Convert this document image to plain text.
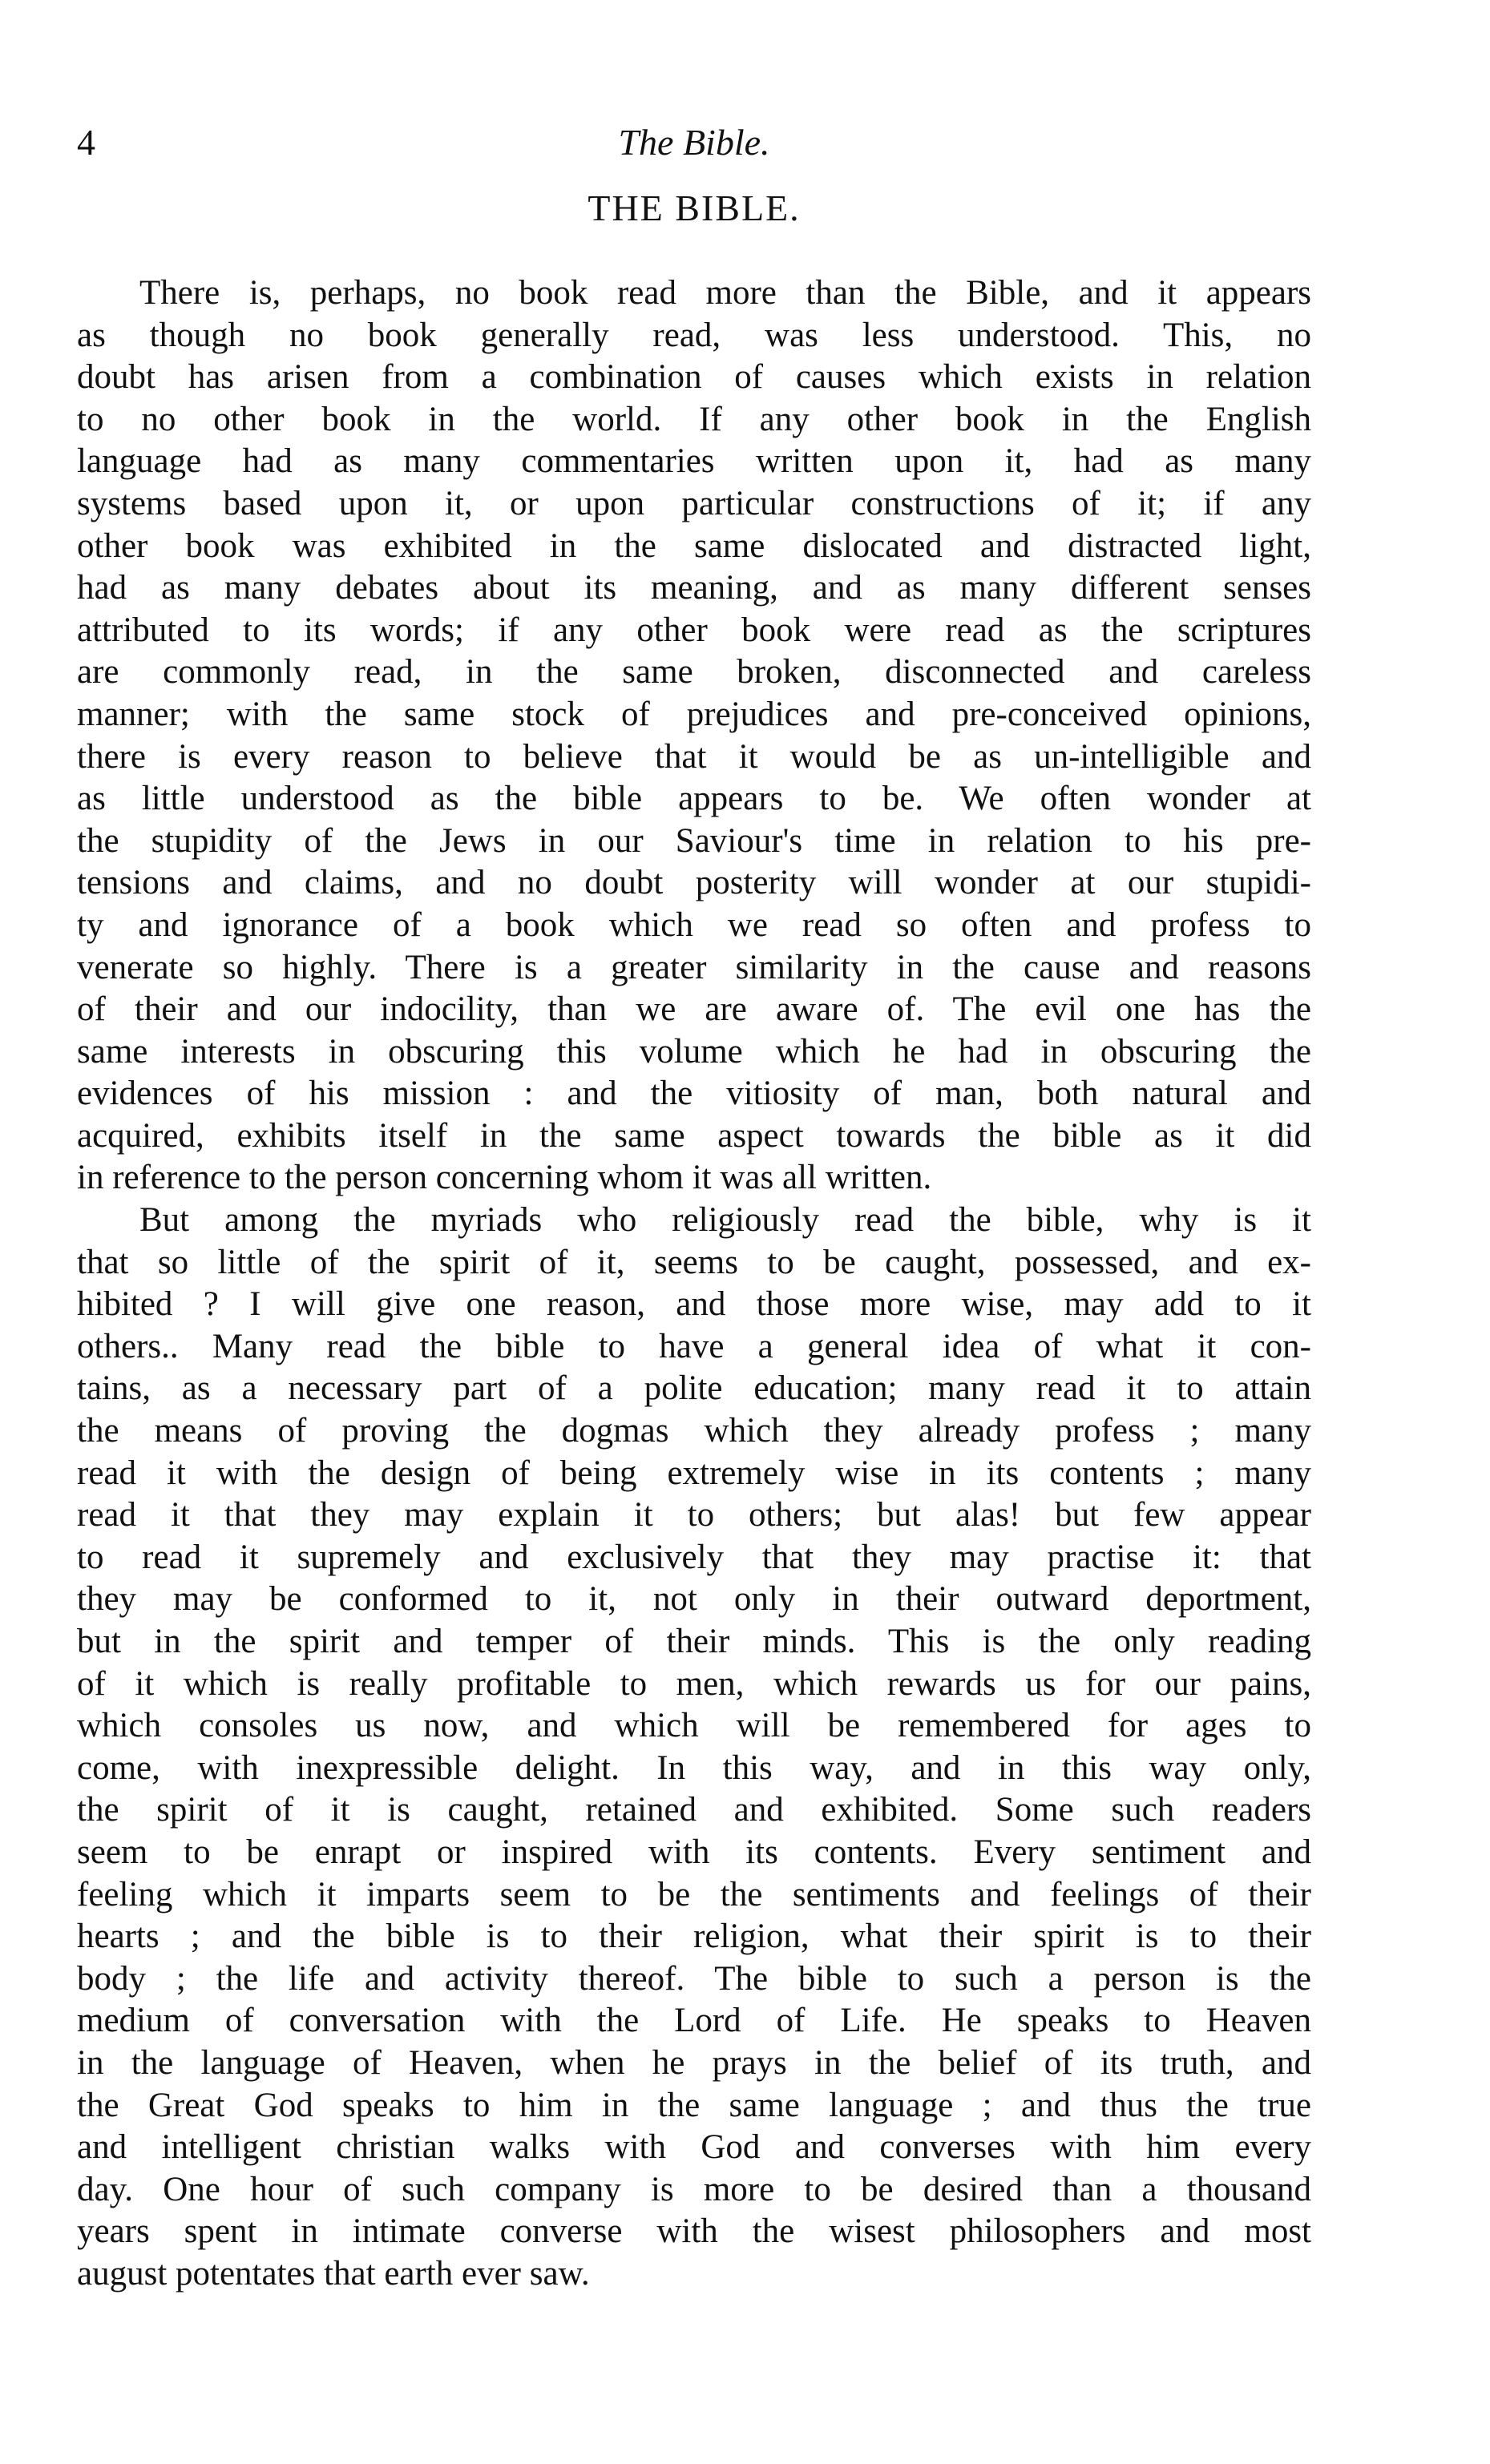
4	The Bible.
THE BIBLE.
There is, perhaps, no book read more than the Bible, and it appears
as though no book generally read, was less understood. This, no
doubt has arisen from a combination of causes which exists in relation
to no other book in the world. If any other book in the English
language had as many commentaries written upon it, had as many
systems based upon it, or upon particular constructions of it; if any
other book was exhibited in the same dislocated and distracted light,
had as many debates about its meaning, and as many different senses
attributed to its words; if any other book were read as the scriptures
are commonly read, in the same broken, disconnected and careless
manner; with the same stock of prejudices and pre-conceived opinions,
there is every reason to believe that it would be as un-intelligible and
as little understood as the bible appears to be. We often wonder at
the stupidity of the Jews in our Saviour's time in relation to his pre-
tensions and claims, and no doubt posterity will wonder at our stupidi-
ty and ignorance of a book which we read so often and profess to
venerate so highly. There is a greater similarity in the cause and reasons
of their and our indocility, than we are aware of. The evil one has the
same interests in obscuring this volume which he had in obscuring the
evidences of his mission : and the vitiosity of man, both natural and
acquired, exhibits itself in the same aspect towards the bible as it did
in reference to the person concerning whom it was all written.
But among the myriads who religiously read the bible, why is it
that so little of the spirit of it, seems to be caught, possessed, and ex-
hibited ? I will give one reason, and those more wise, may add to it
others.. Many read the bible to have a general idea of what it con-
tains, as a necessary part of a polite education; many read it to attain
the means of proving the dogmas which they already profess ; many
read it with the design of being extremely wise in its contents ; many
read it that they may explain it to others; but alas! but few appear
to read it supremely and exclusively that they may practise it: that
they may be conformed to it, not only in their outward deportment,
but in the spirit and temper of their minds. This is the only reading
of it which is really profitable to men, which rewards us for our pains,
which consoles us now, and which will be remembered for ages to
come, with inexpressible delight. In this way, and in this way only,
the spirit of it is caught, retained and exhibited. Some such readers
seem to be enrapt or inspired with its contents. Every sentiment and
feeling which it imparts seem to be the sentiments and feelings of their
hearts ; and the bible is to their religion, what their spirit is to their
body ; the life and activity thereof. The bible to such a person is the
medium of conversation with the Lord of Life. He speaks to Heaven
in the language of Heaven, when he prays in the belief of its truth, and
the Great God speaks to him in the same language ; and thus the true
and intelligent christian walks with God and converses with him every
day. One hour of such company is more to be desired than a thousand
years spent in intimate converse with the wisest philosophers and most
august potentates that earth ever saw.
